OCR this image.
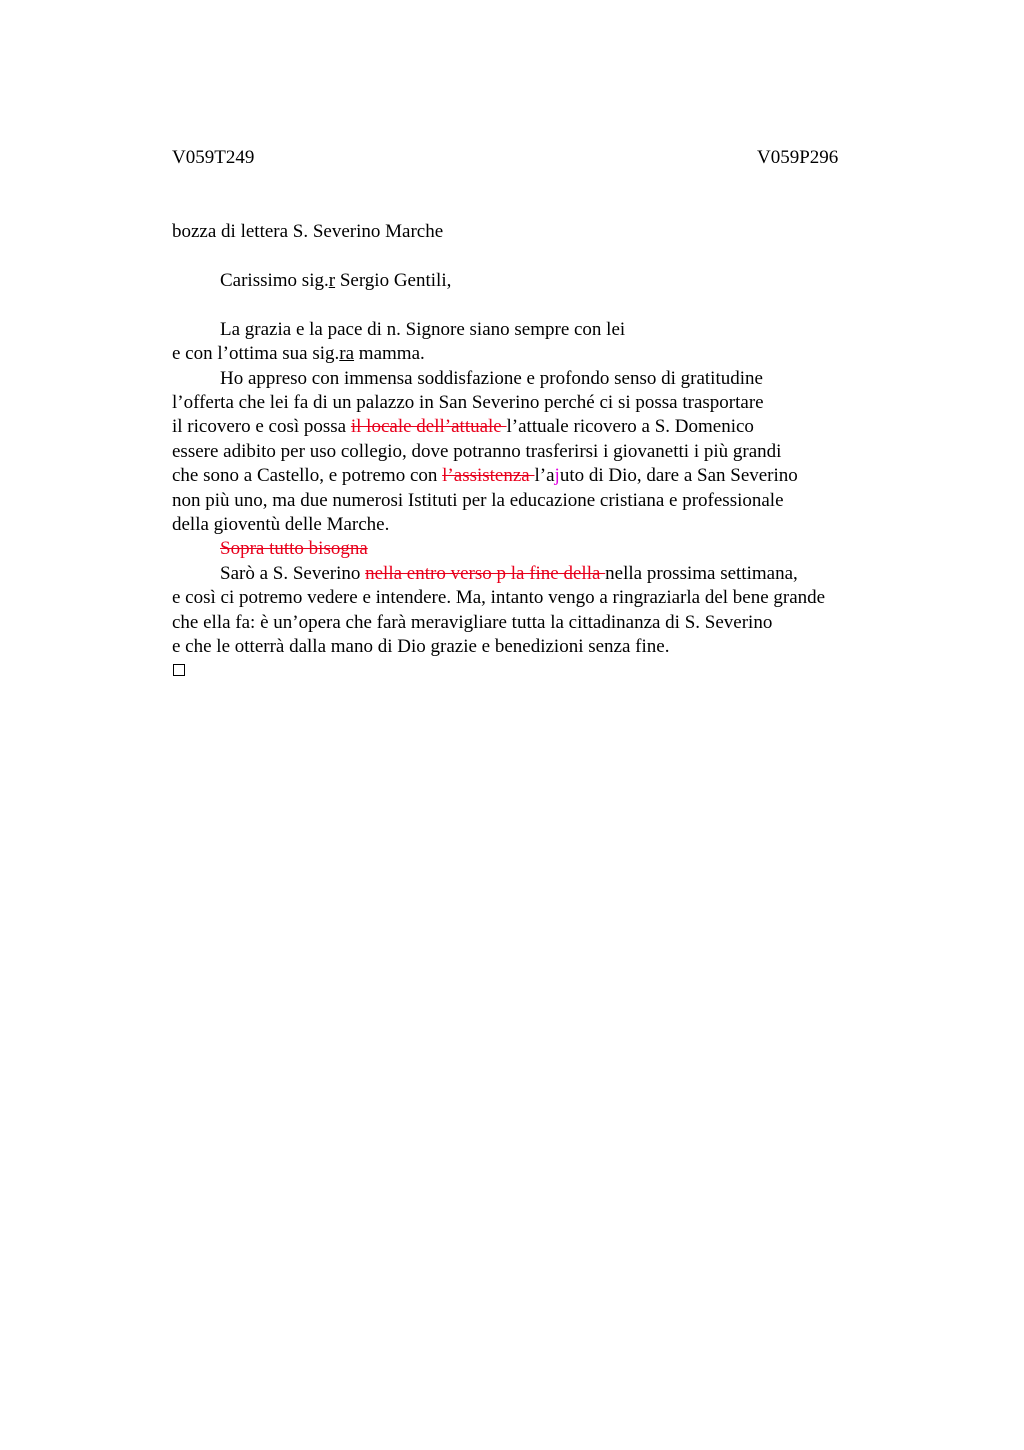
V059T249	V059P296
bozza di lettera S. Severino Marche
Carissimo sig.r Sergio Gentili,
La grazia e la pace di n. Signore siano sempre con lei
e con l’ottima sua sig.ra mamma.
Ho appreso con immensa soddisfazione e profondo senso di gratitudine
l’offerta che lei fa di un palazzo in San Severino perché ci si possa trasportare
il ricovero e così possa il locale dell’attuale l’attuale ricovero a S. Domenico
essere adibito per uso collegio, dove potranno trasferirsi i giovanetti i più grandi
che sono a Castello, e potremo con l’assistenza l’ajuto di Dio, dare a San Severino
non più uno, ma due numerosi Istituti per la educazione cristiana e professionale
della gioventù delle Marche.
Sopra tutto bisogna
Sarò a S. Severino nella entro verso p la fine della nella prossima settimana,
e così ci potremo vedere e intendere. Ma, intanto vengo a ringraziarla del bene grande
che ella fa: è un’opera che farà meravigliare tutta la cittadinanza di S. Severino
e che le otterrà dalla mano di Dio grazie e benedizioni senza fine.
